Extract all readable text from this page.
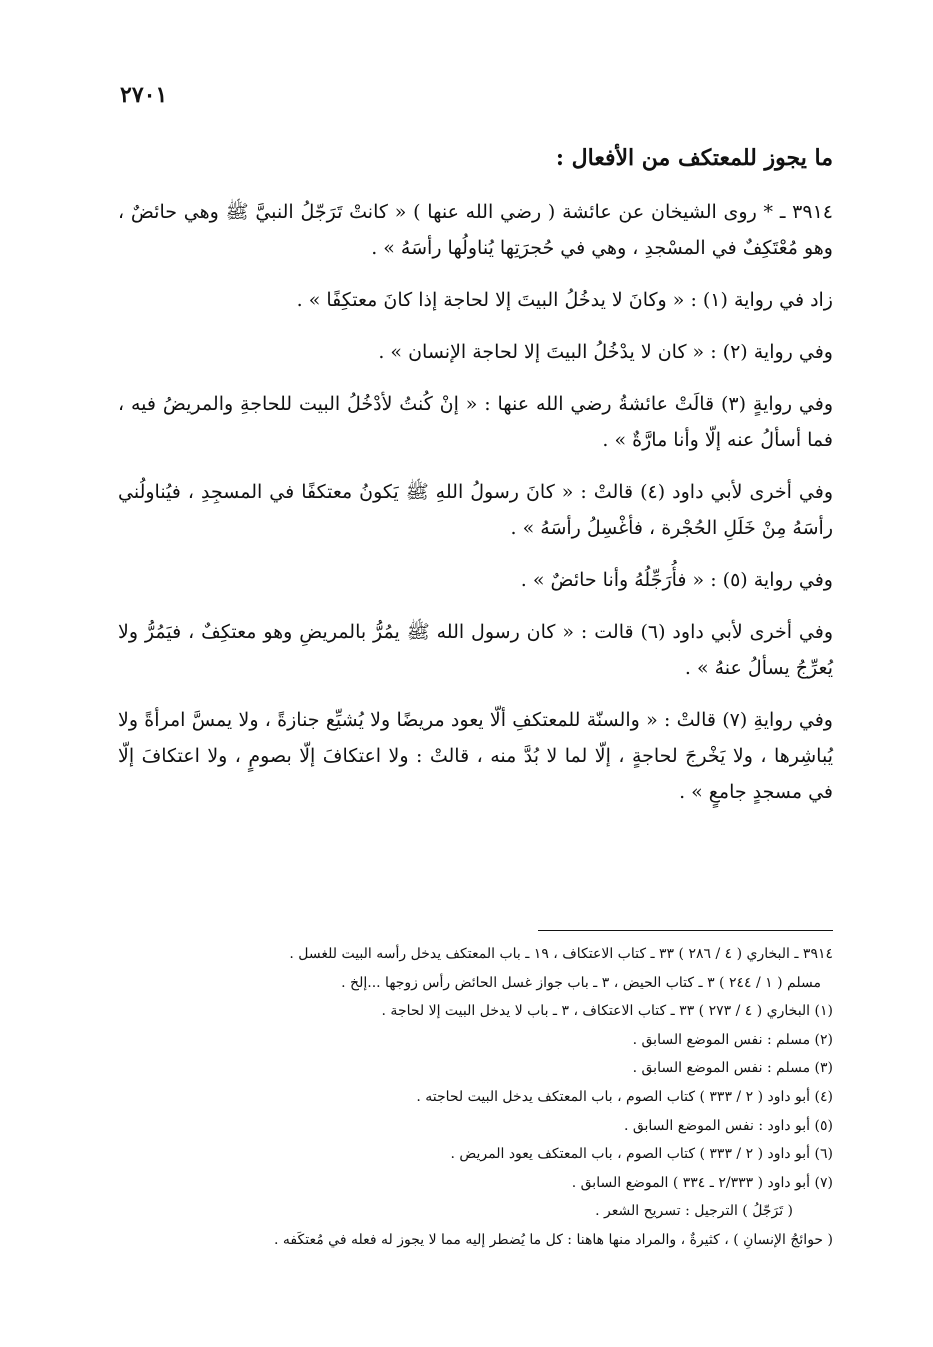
٢٧٠١
ما يجوز للمعتكف من الأفعال :

٣٩١٤ ـ * روى الشيخان عن عائشة ( رضي الله عنها ) « كانتْ تَرَجّلُ النبيَّ ﷺ وهي حائضٌ ، وهو مُعْتَكِفٌ في المسْجدِ ، وهي في حُجرَتِها يُناولُها رأسَهُ » .

زاد في رواية (١) : « وكانَ لا يدخُلُ البيتَ إلا لحاجة إذا كانَ معتكِفًا » .

وفي رواية (٢) : « كان لا يدْخُلُ البيتَ إلا لحاجة الإنسان » .

وفي روايةٍ (٣) قالَتْ عائشةُ رضي الله عنها : « إنْ كُنتُ لأدْخُلُ البيت للحاجةِ والمريضُ فيه ، فما أسألُ عنه إلّا وأنا مارَّةٌ » .

وفي أخرى لأبي داود (٤) قالتْ : « كانَ رسولُ اللهِ ﷺ يَكونُ معتكفًا في المسجِدِ ، فيُناولُني رأسَهُ مِنْ خَلَلِ الحُجْرة ، فأغْسِلُ رأسَهُ » .

وفي رواية (٥) : « فأُرَجِّلُهُ وأنا حائضٌ » .

وفي أخرى لأبي داود (٦) قالت : « كان رسول الله ﷺ يمُرُّ بالمريضِ وهو معتكِفٌ ، فيَمُرُّ ولا يُعرِّجُ يسألُ عنهُ » .

وفي روايةِ (٧) قالتْ : « والسنّة للمعتكفِ ألّا يعود مريضًا ولا يُشيِّع جنازةً ، ولا يمسَّ امرأةً ولا يُباشِرها ، ولا يَخْرجَ لحاجةٍ ، إلّا لما لا بُدَّ منه ، قالتْ : ولا اعتكافَ إلّا بصومٍ ، ولا اعتكافَ إلّا في مسجدٍ جامعٍ » .

٣٩١٤ ـ البخاري ( ٤ / ٢٨٦ ) ٣٣ ـ كتاب الاعتكاف ، ١٩ ـ باب المعتكف يدخل رأسه البيت للغسل .

مسلم ( ١ / ٢٤٤ ) ٣ ـ كتاب الحيض ، ٣ ـ باب جواز غسل الحائض رأس زوجها ...إلخ .

(١) البخاري ( ٤ / ٢٧٣ ) ٣٣ ـ كتاب الاعتكاف ، ٣ ـ باب لا يدخل البيت إلا لحاجة .

(٢) مسلم : نفس الموضع السابق .

(٣) مسلم : نفس الموضع السابق .

(٤) أبو داود ( ٢ / ٣٣٣ ) كتاب الصوم ، باب المعتكف يدخل البيت لحاجته .

(٥) أبو داود : نفس الموضع السابق .

(٦) أبو داود ( ٢ / ٣٣٣ ) كتاب الصوم ، باب المعتكف يعود المريض .

(٧) أبو داود ( ٢/٣٣٣ ـ ٣٣٤ ) الموضع السابق .

( تَرَجّلُ ) الترجيل : تسريح الشعر .

( حوائجُ الإنسانِ ) ، كثيرةٌ ، والمراد منها هاهنا : كل ما يُضطر إليه مما لا يجوز له فعله في مُعتكَفه .
